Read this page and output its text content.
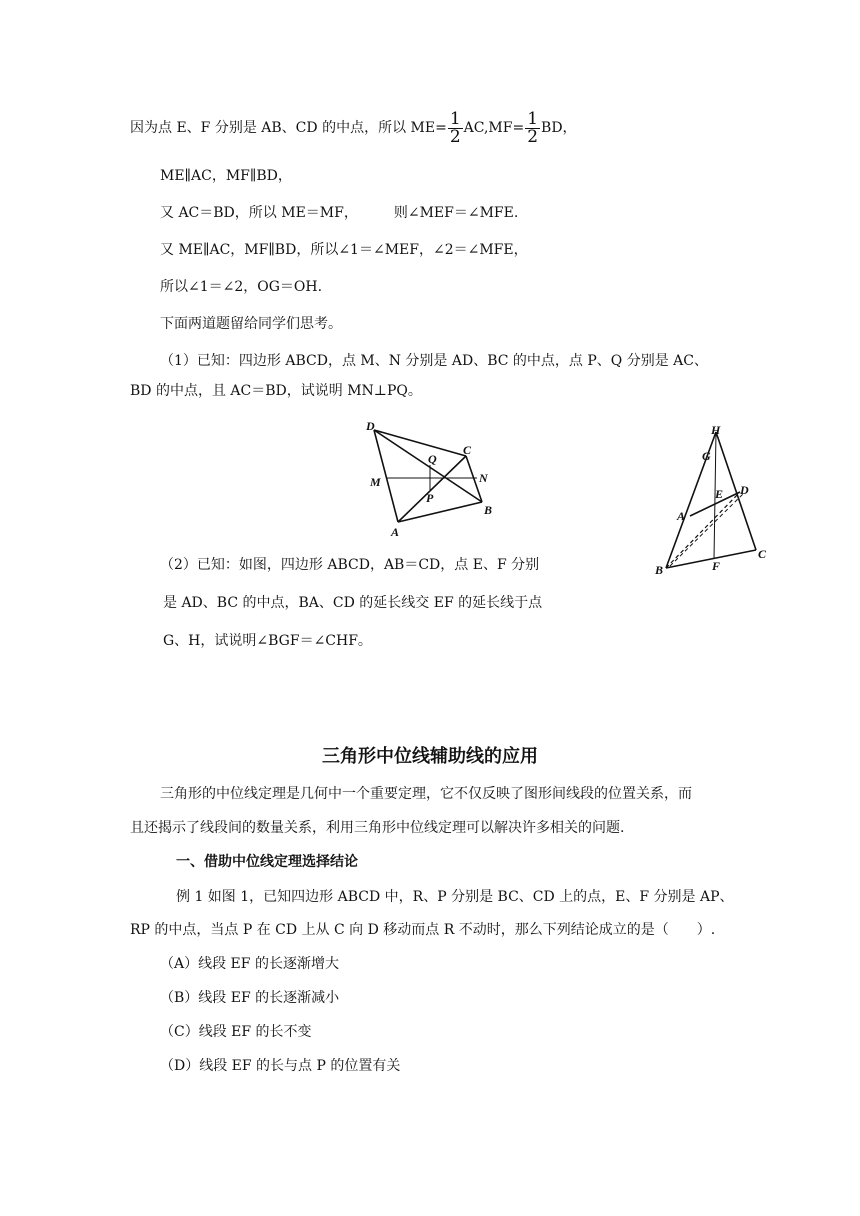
因为点 E、F 分别是 AB、CD 的中点，所以 $ME= \frac{1}{2} AC,MF= \frac{1}{2}$ BD，
ME∥AC，MF∥BD，
又 AC＝BD，所以 ME＝MF，	则∠MEF＝∠MFE.
又 ME∥AC，MF∥BD，所以∠1＝∠MEF，∠2＝∠MFE，
所以∠1＝∠2，OG＝OH.
下面两道题留给同学们思考。
（1）已知：四边形 ABCD，点 M、N 分别是 AD、BC 的中点，点 P、Q 分别是 AC、
BD 的中点，且 AC＝BD，试说明 MN⊥PQ。
D
C
Q
M	N
P
A
B
H
G
E D
A
C
B	F
（2）已知：如图，四边形 ABCD，AB＝CD，点 E、F 分别
是 AD、BC 的中点，BA、CD 的延长线交 EF 的延长线于点
G、H，试说明∠BGF＝∠CHF。
三角形中位线辅助线的应用
三角形的中位线定理是几何中一个重要定理，它不仅反映了图形间线段的位置关系，而
且还揭示了线段间的数量关系，利用三角形中位线定理可以解决许多相关的问题.
一、借助中位线定理选择结论
例 1 如图 1，已知四边形 ABCD 中，R、P 分别是 BC、CD 上的点，E、F 分别是 AP、
RP 的中点，当点 P 在 CD 上从 C 向 D 移动而点 R 不动时，那么下列结论成立的是（　　）.
（A）线段 EF 的长逐渐增大
（B）线段 EF 的长逐渐减小
（C）线段 EF 的长不变
（D）线段 EF 的长与点 P 的位置有关
